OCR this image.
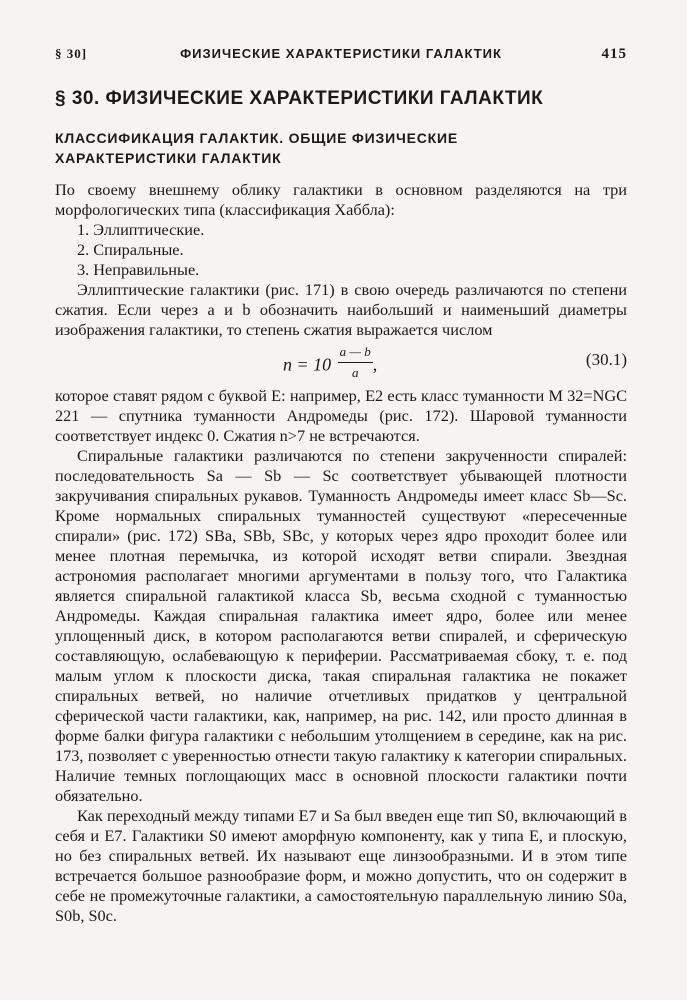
§ 30]	ФИЗИЧЕСКИЕ ХАРАКТЕРИСТИКИ ГАЛАКТИК	415
§ 30. ФИЗИЧЕСКИЕ ХАРАКТЕРИСТИКИ ГАЛАКТИК
КЛАССИФИКАЦИЯ ГАЛАКТИК. ОБЩИЕ ФИЗИЧЕСКИЕ
ХАРАКТЕРИСТИКИ ГАЛАКТИК

По своему внешнему облику галактики в основном разделяются на три морфологических типа (классификация Хаббла):

1. Эллиптические.
2. Спиральные.
3. Неправильные.

Эллиптические галактики (рис. 171) в свою очередь различаются по степени сжатия. Если через a и b обозначить наибольший и наименьший диаметры изображения галактики, то степень сжатия выражается числом

$n = 10 \frac{a — b}{a}$ ,	(30.1)

которое ставят рядом с буквой E: например, E2 есть класс туманности M 32=NGC 221 — спутника туманности Андромеды (рис. 172). Шаровой туманности соответствует индекс 0. Сжатия n>7 не встречаются.

Спиральные галактики различаются по степени закрученности спиралей: последовательность Sa — Sb — Sc соответствует убывающей плотности закручивания спиральных рукавов. Туманность Андромеды имеет класс Sb—Sc. Кроме нормальных спиральных туманностей существуют «пересеченные спирали» (рис. 172) SBa, SBb, SBc, у которых через ядро проходит более или менее плотная перемычка, из которой исходят ветви спирали. Звездная астрономия располагает многими аргументами в пользу того, что Галактика является спиральной галактикой класса Sb, весьма сходной с туманностью Андромеды. Каждая спиральная галактика имеет ядро, более или менее уплощенный диск, в котором располагаются ветви спиралей, и сферическую составляющую, ослабевающую к периферии. Рассматриваемая сбоку, т. е. под малым углом к плоскости диска, такая спиральная галактика не покажет спиральных ветвей, но наличие отчетливых придатков у центральной сферической части галактики, как, например, на рис. 142, или просто длинная в форме балки фигура галактики с небольшим утолщением в середине, как на рис. 173, позволяет с уверенностью отнести такую галактику к категории спиральных. Наличие темных поглощающих масс в основной плоскости галактики почти обязательно.

Как переходный между типами E7 и Sa был введен еще тип S0, включающий в себя и E7. Галактики S0 имеют аморфную компоненту, как у типа E, и плоскую, но без спиральных ветвей. Их называют еще линзообразными. И в этом типе встречается большое разнообразие форм, и можно допустить, что он содержит в себе не промежуточные галактики, а самостоятельную параллельную линию S0a, S0b, S0c.
